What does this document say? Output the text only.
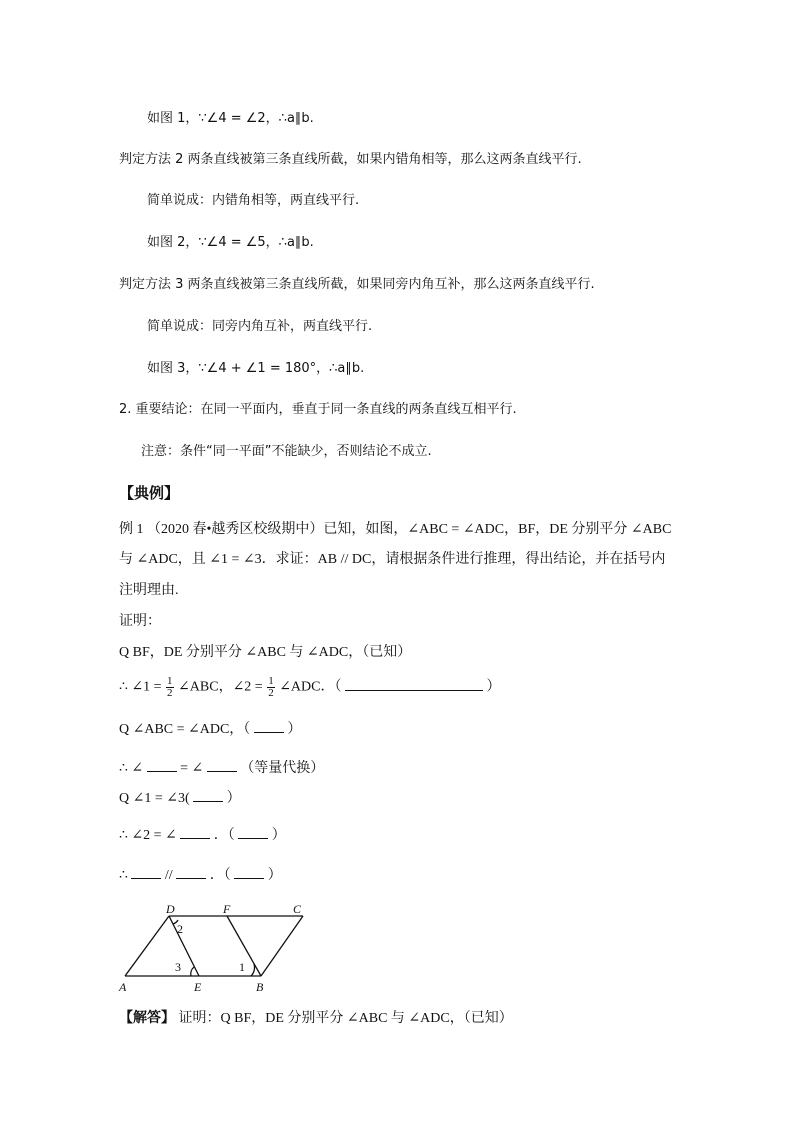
如图 1，∵∠4 = ∠2，∴a∥b.
判定方法 2 两条直线被第三条直线所截，如果内错角相等，那么这两条直线平行.
简单说成：内错角相等，两直线平行.
如图 2，∵∠4 = ∠5，∴a∥b.
判定方法 3 两条直线被第三条直线所截，如果同旁内角互补，那么这两条直线平行.
简单说成：同旁内角互补，两直线平行.
如图 3，∵∠4 + ∠1 = 180°，∴a∥b.
2. 重要结论：在同一平面内，垂直于同一条直线的两条直线互相平行.
注意：条件“同一平面”不能缺少，否则结论不成立.
【典例】
例 1 （2020 春•越秀区校级期中）已知，如图，∠ABC = ∠ADC，BF，DE 分别平分 ∠ABC
与 ∠ADC，且 ∠1 = ∠3．求证：AB // DC，请根据条件进行推理，得出结论，并在括号内
注明理由.
证明：
Q BF，DE 分别平分 ∠ABC 与 ∠ADC，（已知）
∴ ∠1 = $\frac{1}{2}$ ∠ABC，∠2 = $\frac{1}{2}$ ∠ADC．（	）
Q ∠ABC = ∠ADC，（	）
∴ ∠	= ∠	（等量代换）
Q ∠1 = ∠3(	）
∴ ∠2 = ∠	．（	）
∴	//	．（	）
A	E	B
D	F	C
2
3	1
【解答】 证明：Q BF，DE 分别平分 ∠ABC 与 ∠ADC，（已知）
